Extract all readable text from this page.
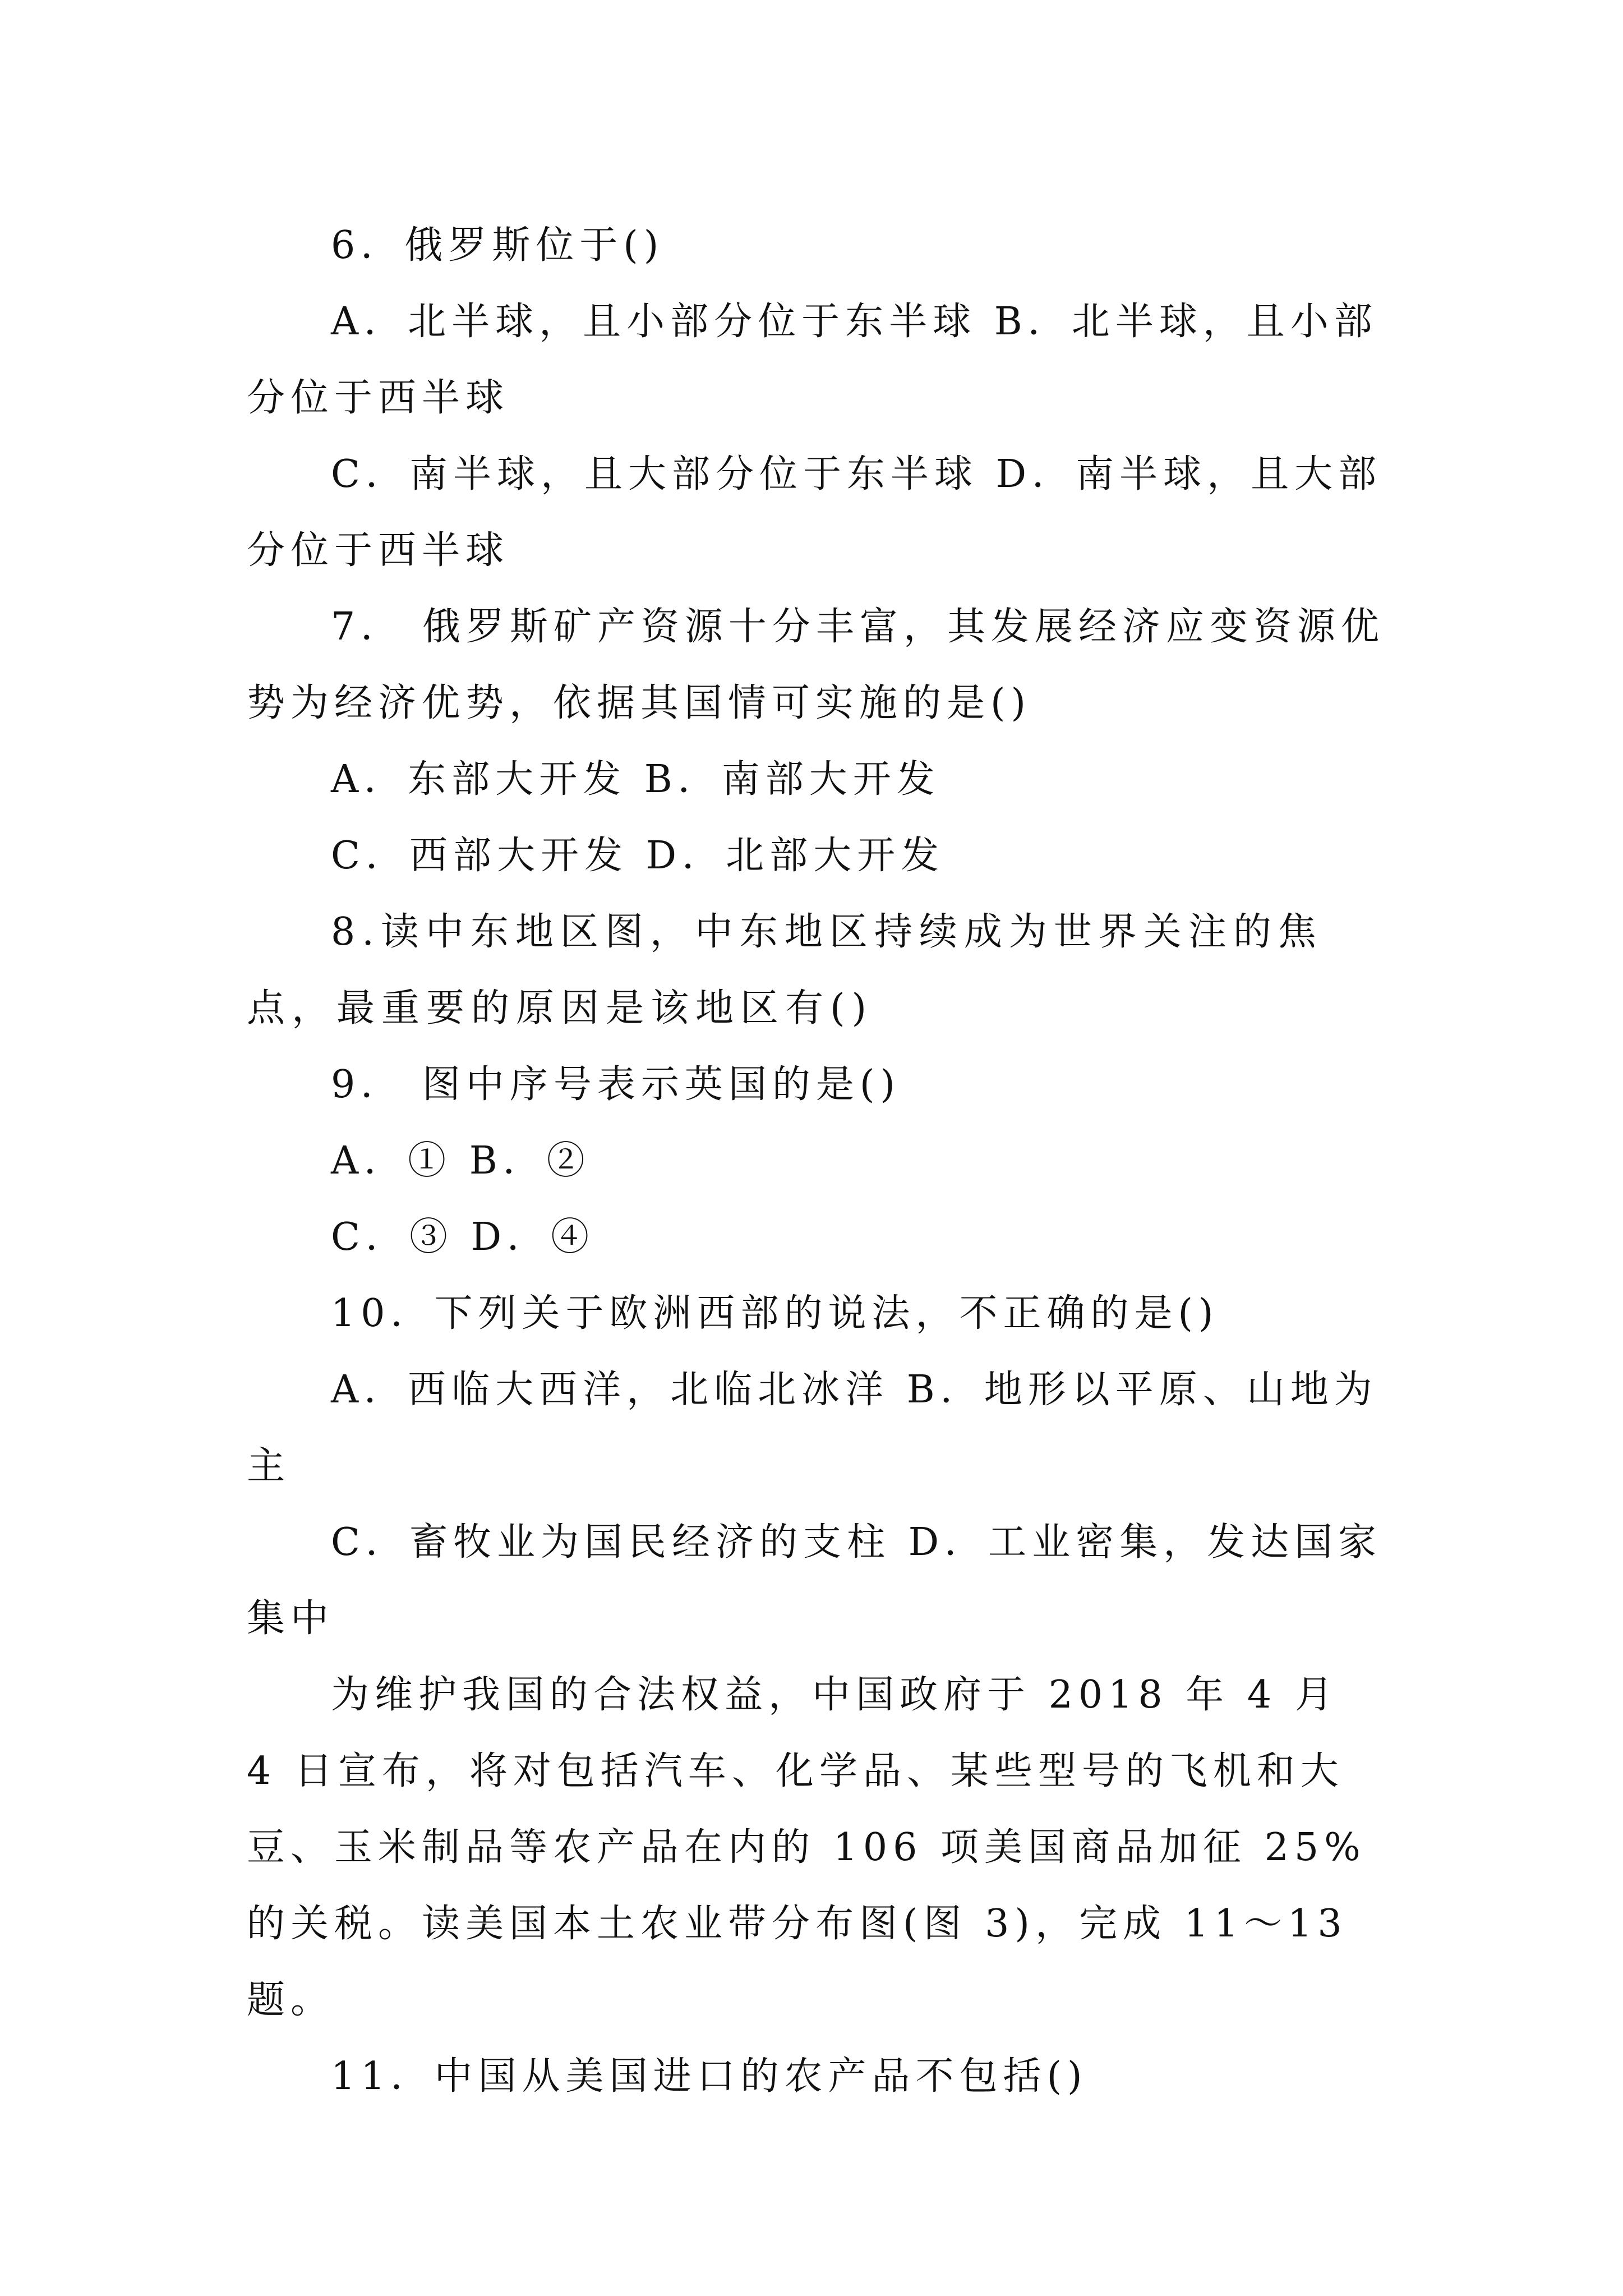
6．俄罗斯位于()

A．北半球，且小部分位于东半球 B．北半球，且小部分位于西半球

C．南半球，且大部分位于东半球 D．南半球，且大部分位于西半球

7． 俄罗斯矿产资源十分丰富，其发展经济应变资源优势为经济优势，依据其国情可实施的是()

A．东部大开发 B．南部大开发

C．西部大开发 D．北部大开发

8.读中东地区图，中东地区持续成为世界关注的焦点，最重要的原因是该地区有()

9． 图中序号表示英国的是()

A．① B．②

C．③ D．④

10．下列关于欧洲西部的说法，不正确的是()

A．西临大西洋，北临北冰洋 B．地形以平原、山地为主

C．畜牧业为国民经济的支柱 D．工业密集，发达国家集中

为维护我国的合法权益，中国政府于 2018 年 4 月 4 日宣布，将对包括汽车、化学品、某些型号的飞机和大豆、玉米制品等农产品在内的 106 项美国商品加征 25%的关税。读美国本土农业带分布图(图 3)，完成 11～13 题。

11．中国从美国进口的农产品不包括()
